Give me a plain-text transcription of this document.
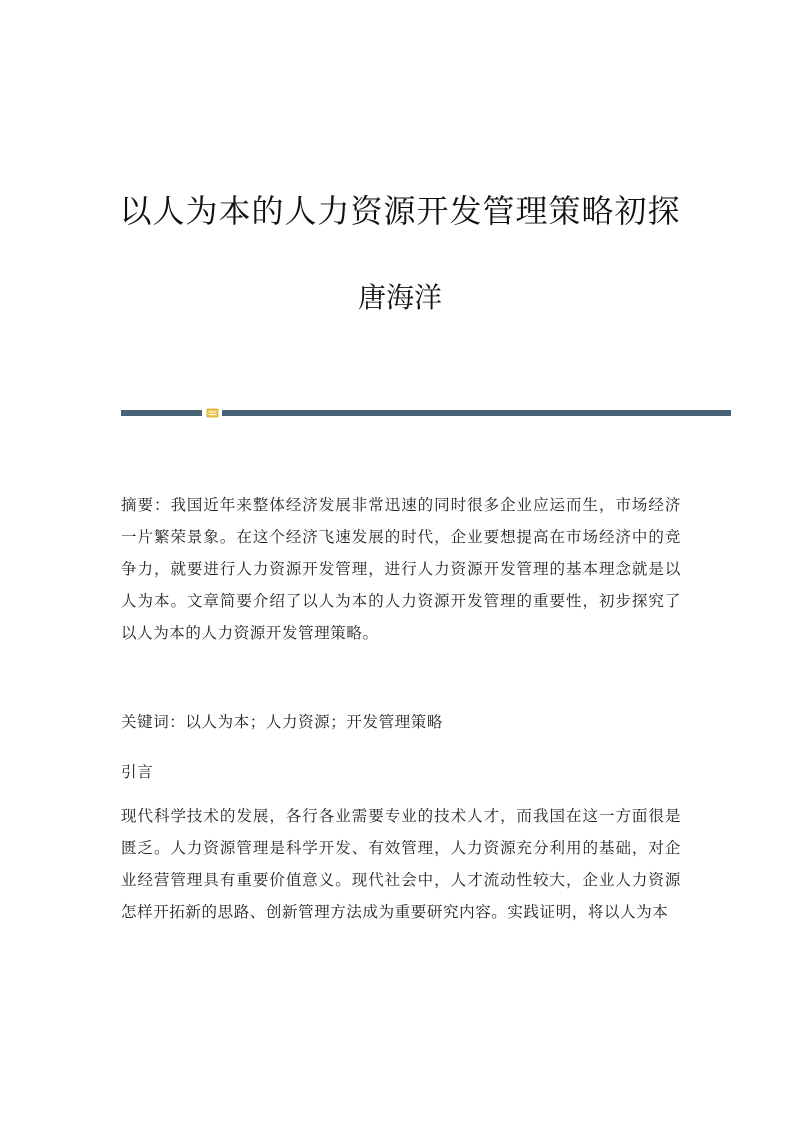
以人为本的人力资源开发管理策略初探
唐海洋

摘要：我国近年来整体经济发展非常迅速的同时很多企业应运而生，市场经济一片繁荣景象。在这个经济飞速发展的时代，企业要想提高在市场经济中的竞争力，就要进行人力资源开发管理，进行人力资源开发管理的基本理念就是以人为本。文章简要介绍了以人为本的人力资源开发管理的重要性，初步探究了以人为本的人力资源开发管理策略。

关键词：以人为本；人力资源；开发管理策略

引言

现代科学技术的发展，各行各业需要专业的技术人才，而我国在这一方面很是匮乏。人力资源管理是科学开发、有效管理，人力资源充分利用的基础，对企业经营管理具有重要价值意义。现代社会中，人才流动性较大，企业人力资源怎样开拓新的思路、创新管理方法成为重要研究内容。实践证明，将以人为本
